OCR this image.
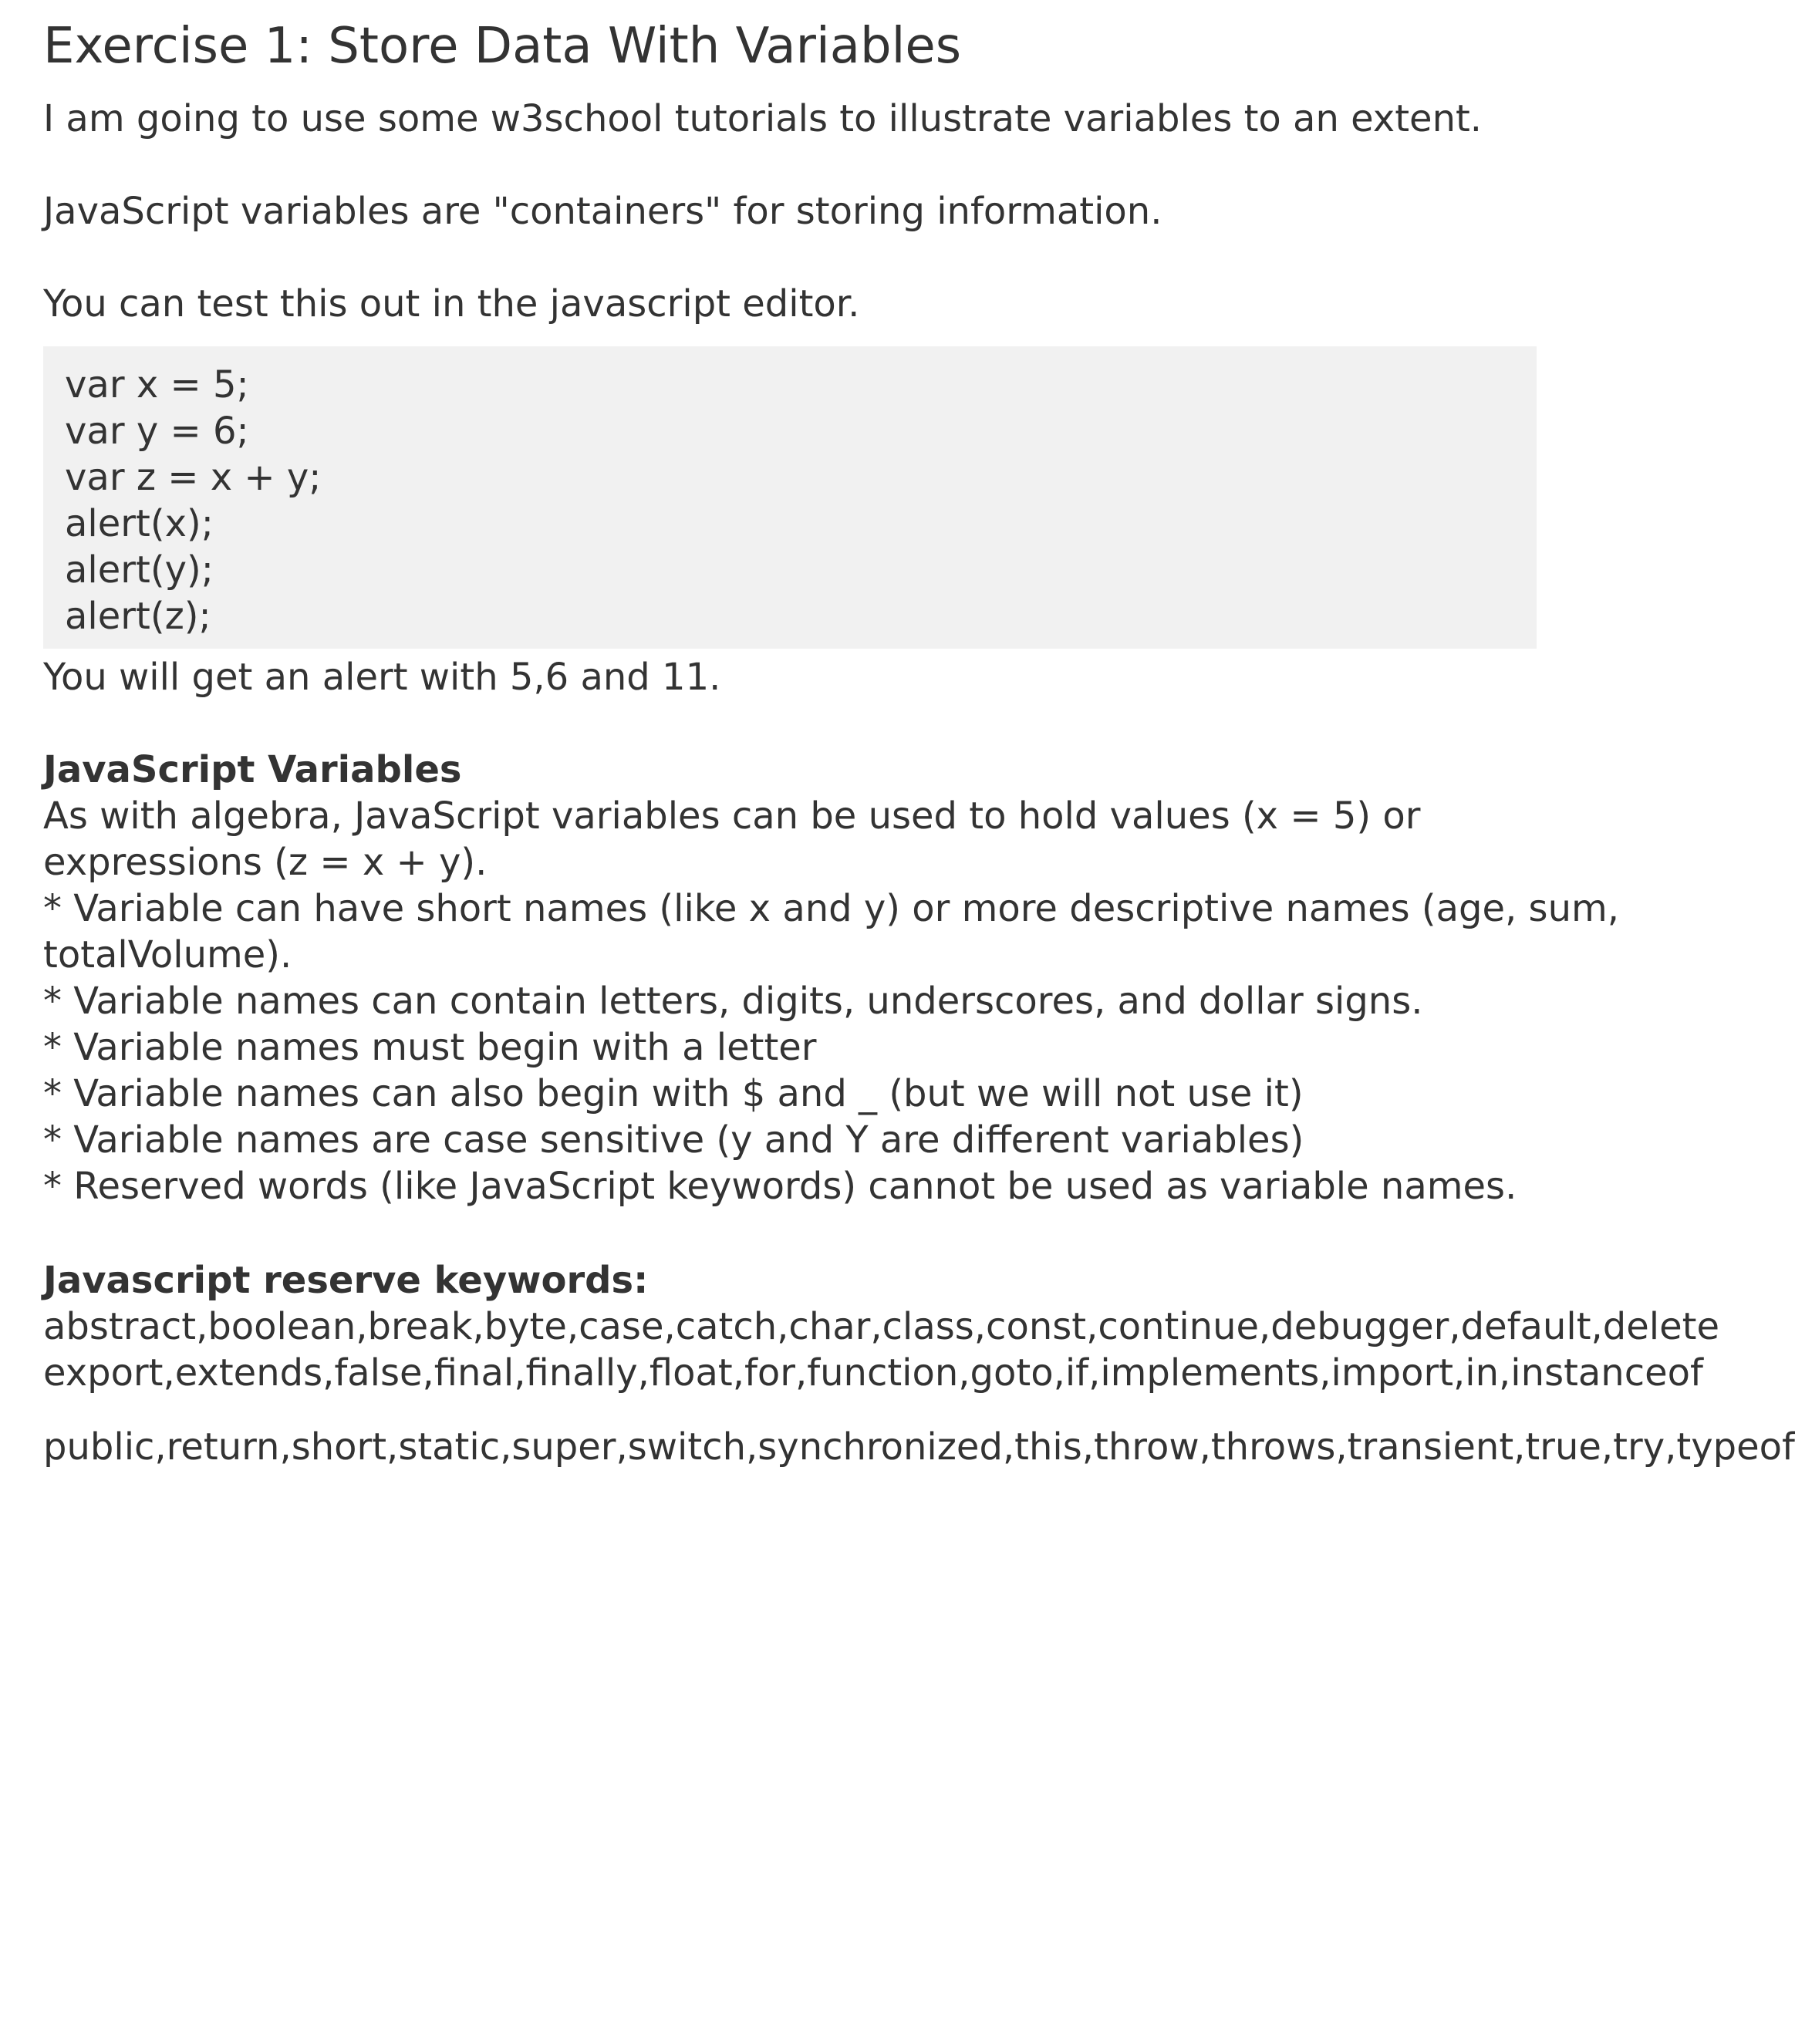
Exercise 1: Store Data With Variables

I am going to use some w3school tutorials to illustrate variables to an extent.

JavaScript variables are "containers" for storing information.

You can test this out in the javascript editor.

var x = 5;
var y = 6;
var z = x + y;
alert(x);
alert(y);
alert(z);

You will get an alert with 5,6 and 11.

JavaScript Variables
As with algebra, JavaScript variables can be used to hold values (x = 5) or
expressions (z = x + y).
* Variable can have short names (like x and y) or more descriptive names (age, sum,
totalVolume).
* Variable names can contain letters, digits, underscores, and dollar signs.
* Variable names must begin with a letter
* Variable names can also begin with $ and _ (but we will not use it)
* Variable names are case sensitive (y and Y are different variables)
* Reserved words (like JavaScript keywords) cannot be used as variable names.
Javascript reserve keywords:
abstract,boolean,break,byte,case,catch,char,class,const,continue,debugger,default,delete
export,extends,false,final,finally,float,for,function,goto,if,implements,import,in,instanceof
public,return,short,static,super,switch,synchronized,this,throw,throws,transient,true,try,typeof
